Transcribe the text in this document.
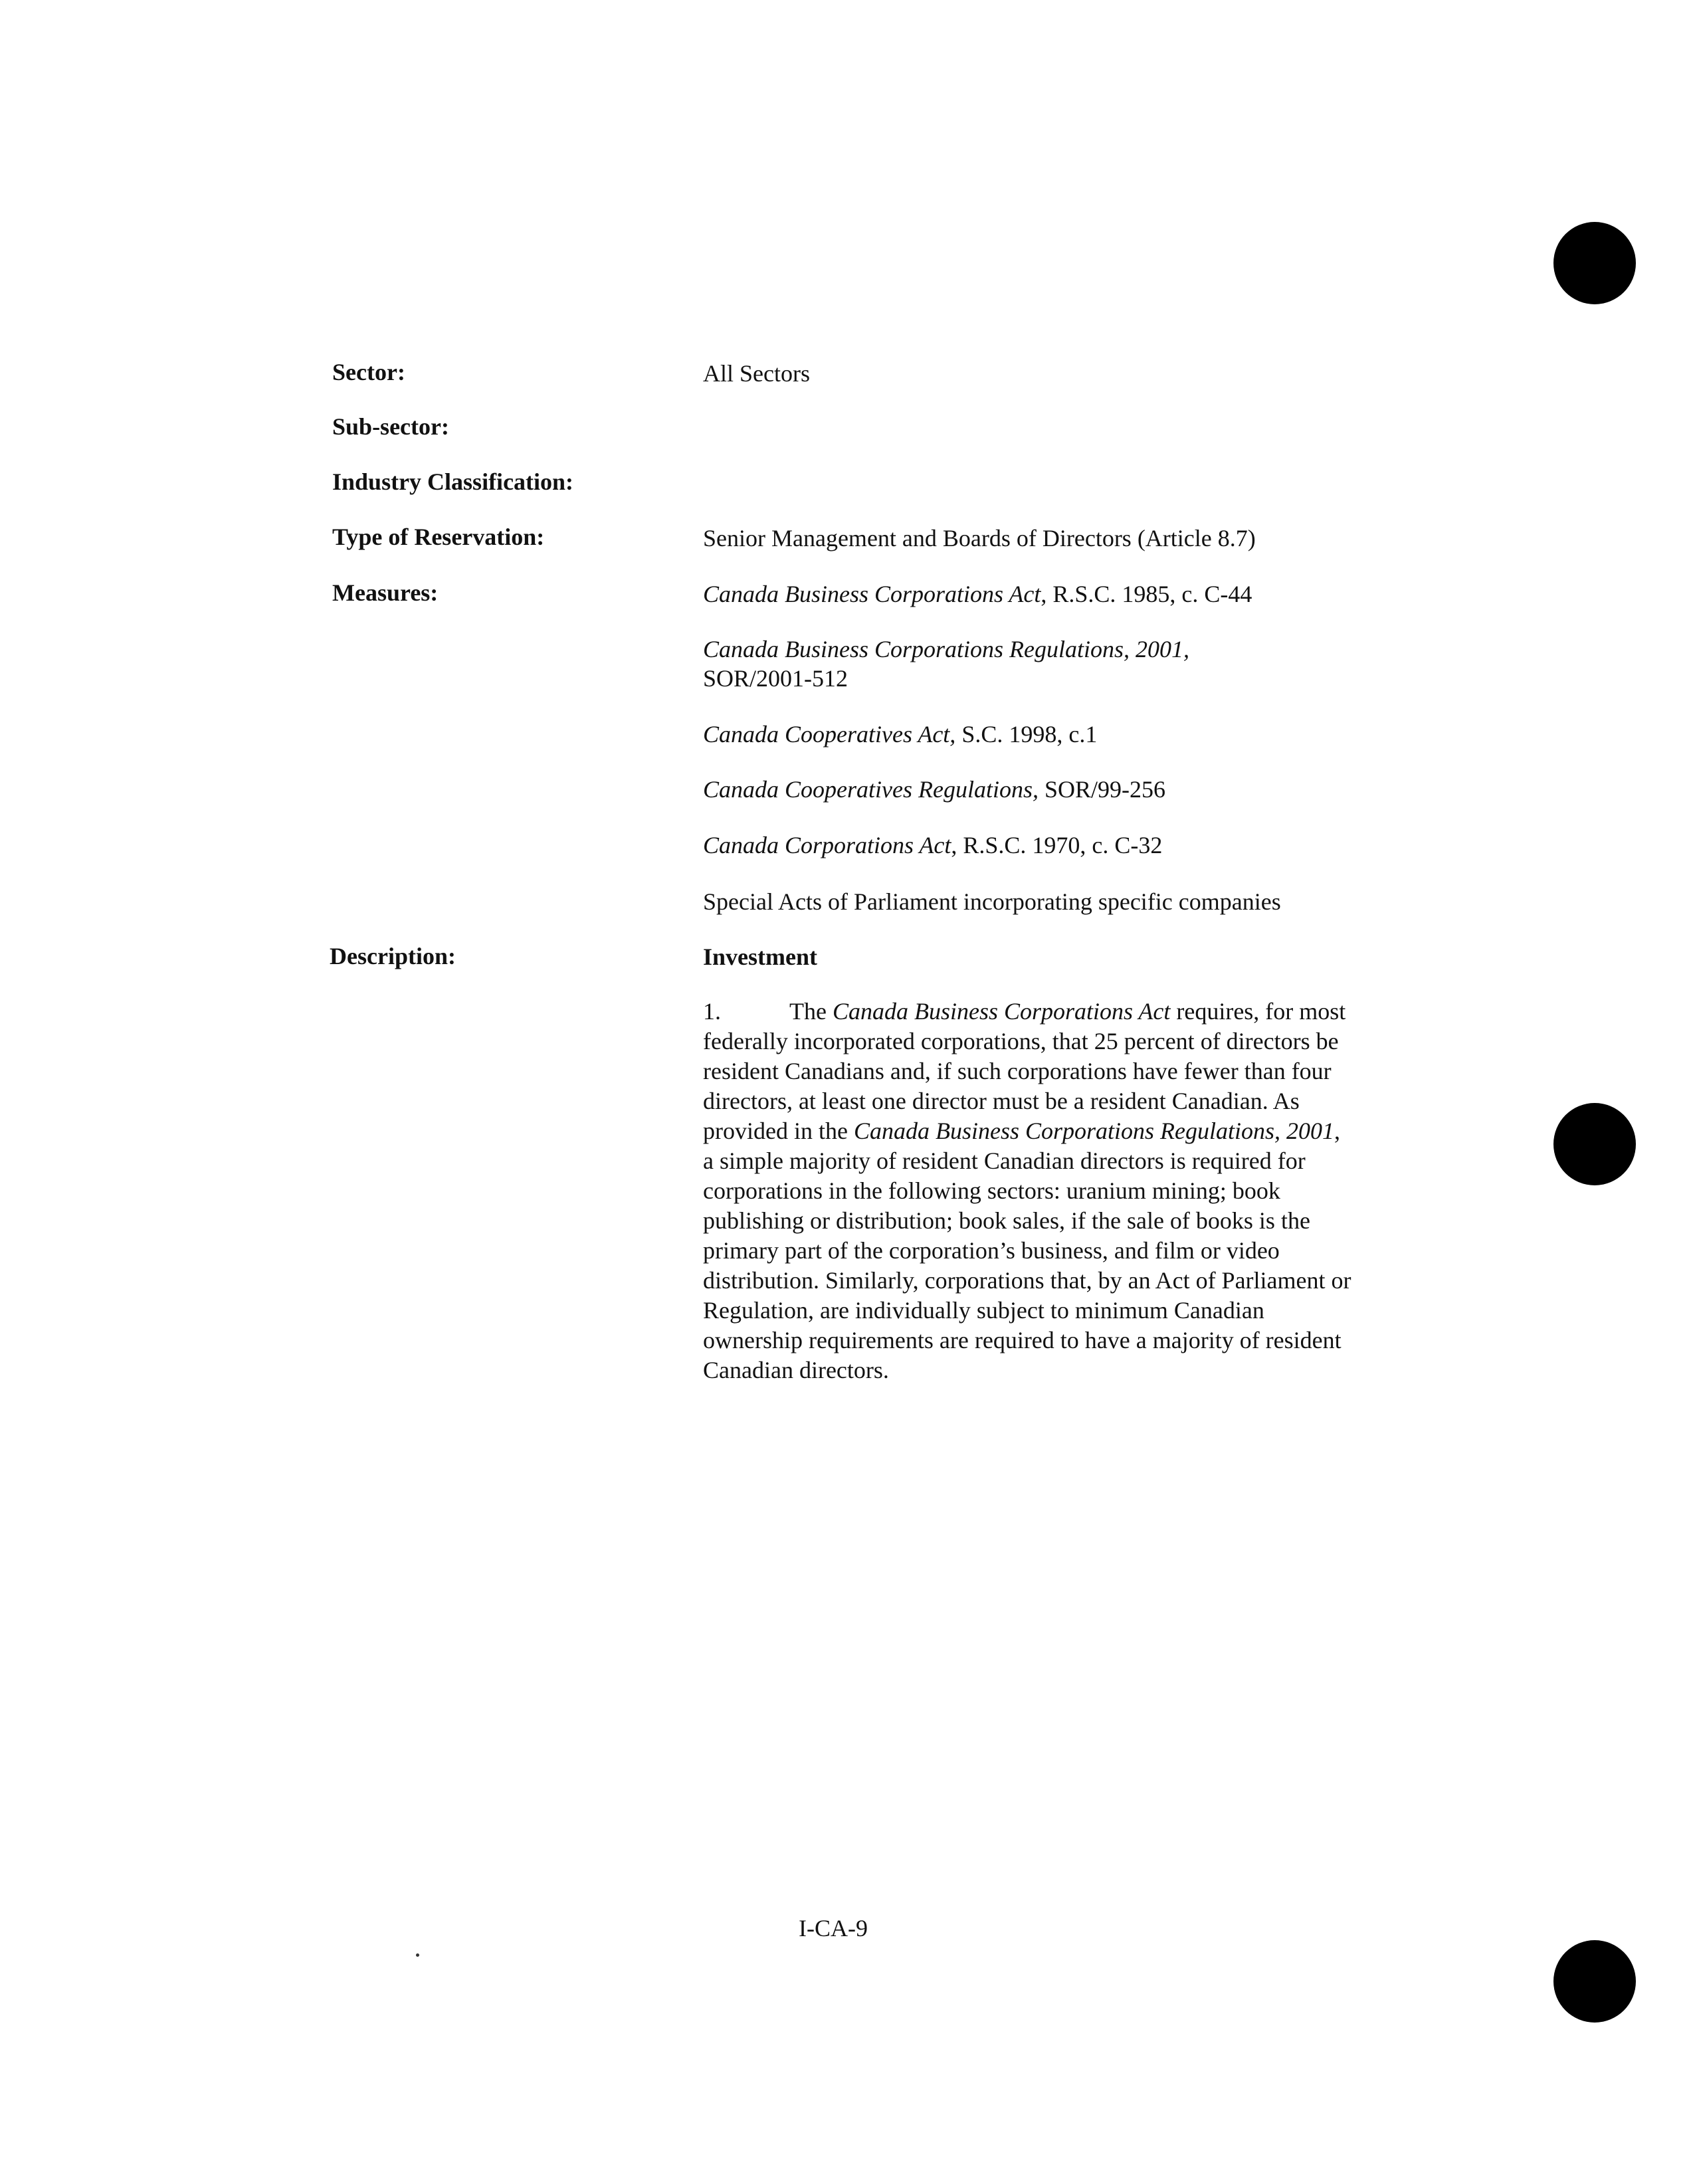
Sector:	All Sectors
Sub-sector:
Industry Classification:
Type of Reservation:	Senior Management and Boards of Directors (Article 8.7)
Measures:	Canada Business Corporations Act, R.S.C. 1985, c. C-44
Canada Business Corporations Regulations, 2001,
SOR/2001-512
Canada Cooperatives Act, S.C. 1998, c.1
Canada Cooperatives Regulations, SOR/99-256
Canada Corporations Act, R.S.C. 1970, c. C-32
Special Acts of Parliament incorporating specific companies
Description:	Investment
1.	The Canada Business Corporations Act requires, for most federally incorporated corporations, that 25 percent of directors be resident Canadians and, if such corporations have fewer than four directors, at least one director must be a resident Canadian. As provided in the Canada Business Corporations Regulations, 2001, a simple majority of resident Canadian directors is required for corporations in the following sectors: uranium mining; book publishing or distribution; book sales, if the sale of books is the primary part of the corporation’s business, and film or video distribution. Similarly, corporations that, by an Act of Parliament or Regulation, are individually subject to minimum Canadian ownership requirements are required to have a majority of resident Canadian directors.
I-CA-9
